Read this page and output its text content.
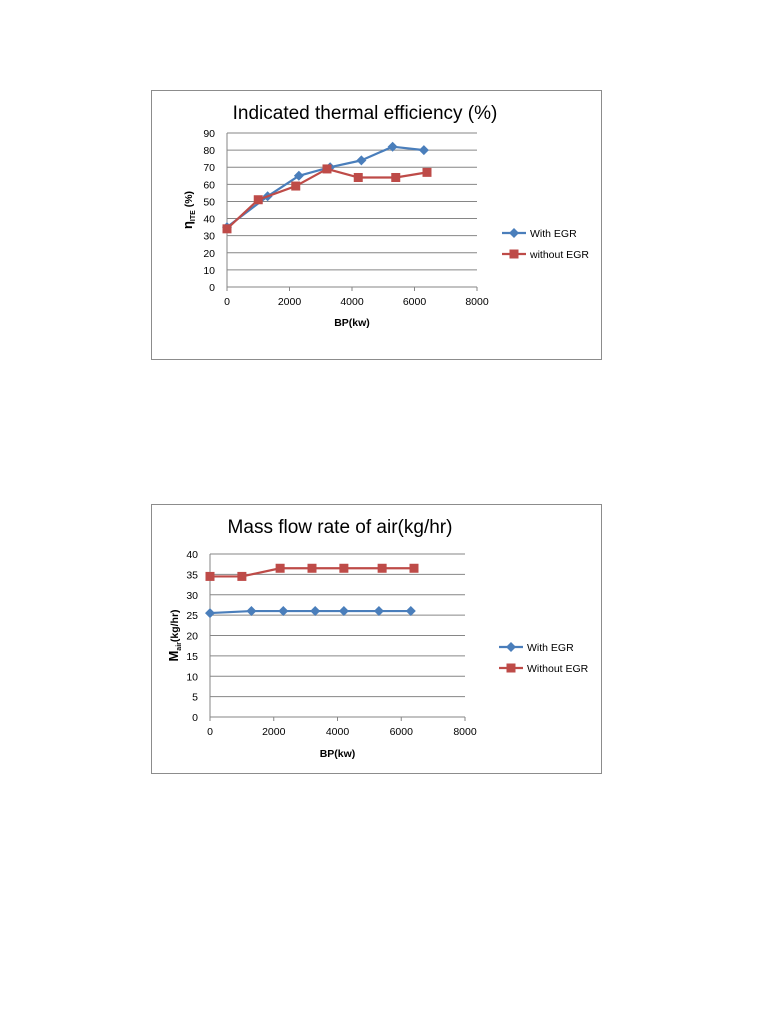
Indicated thermal efficiency (%)
0
10
20
30
40
50
60
70
80
90
0	2000	4000	6000	8000
BP(kw)
$\eta_{ITE}$ (%)
With EGR
without EGR
Mass flow rate of air(kg/hr)
0
5
10
15
20
25
30
35
40
0	2000	4000	6000	8000
BP(kw)
$M_{air}(kg/hr)$
With EGR
Without EGR
